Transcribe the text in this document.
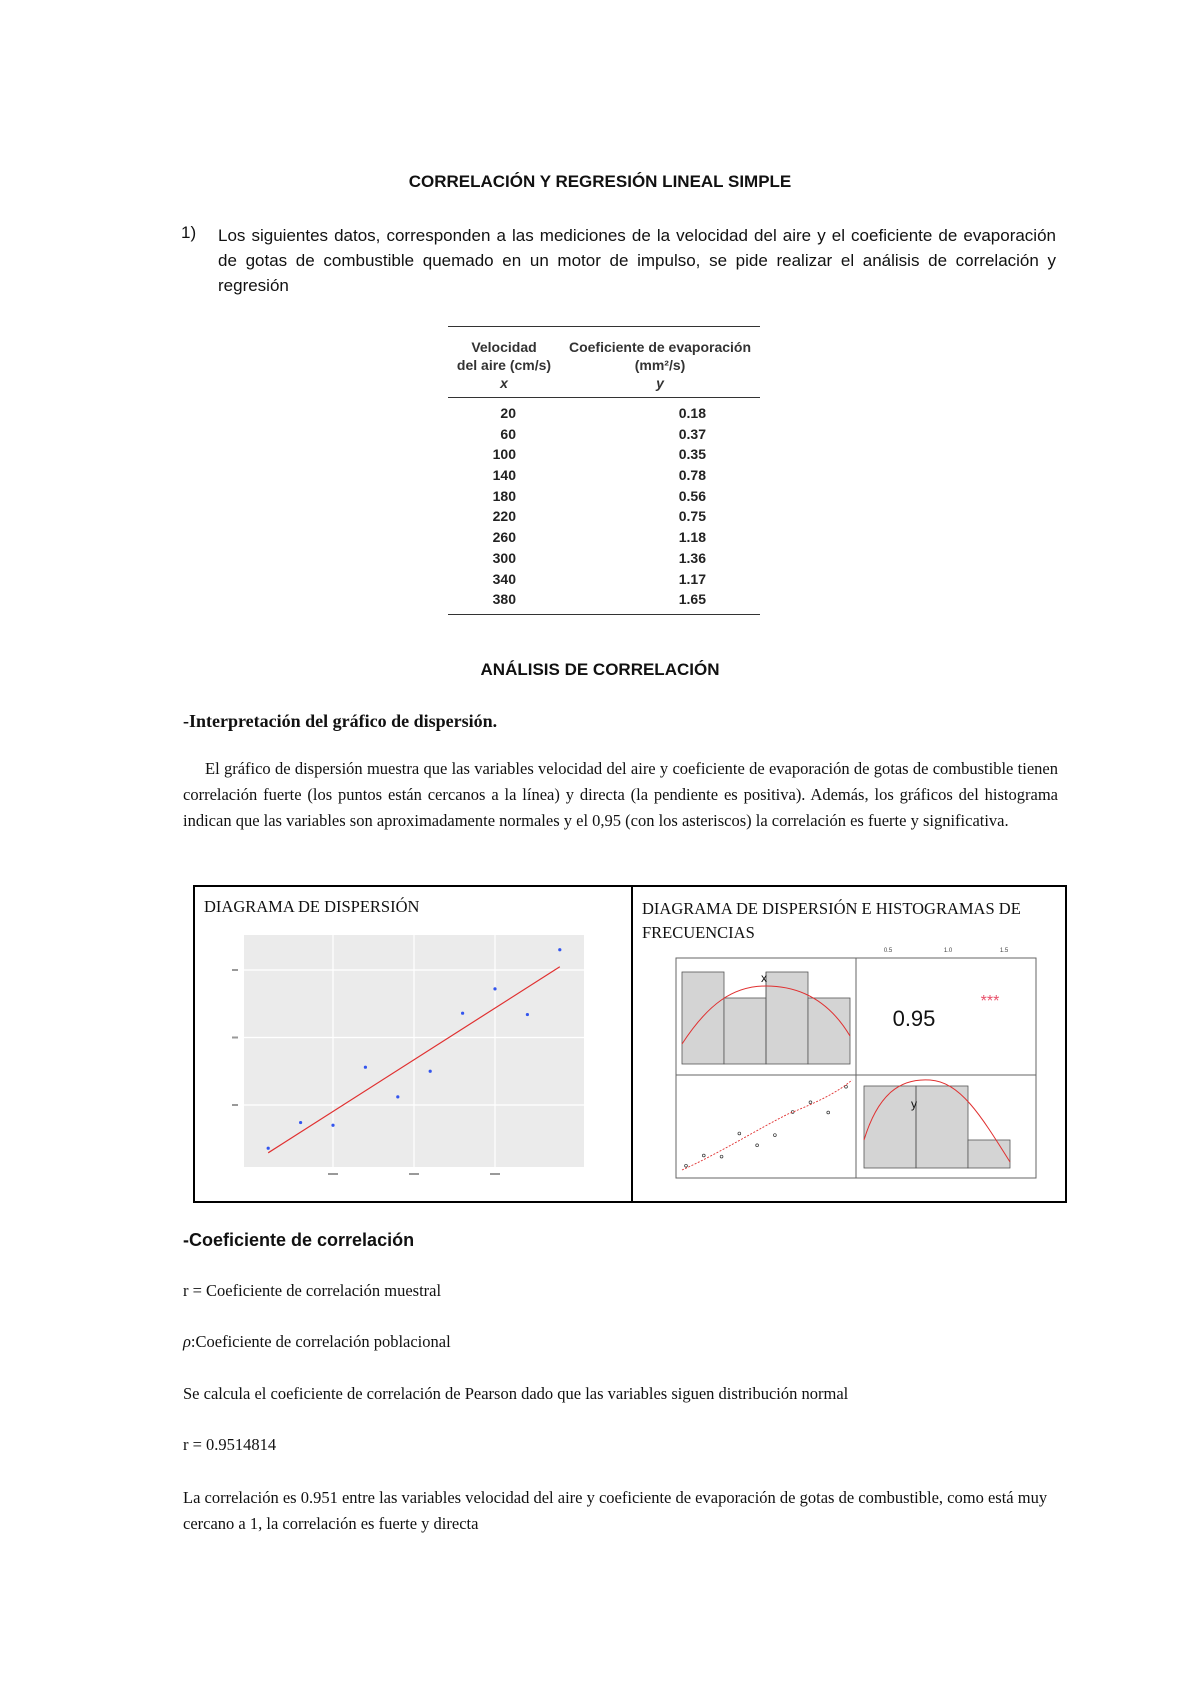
CORRELACIÓN Y REGRESIÓN LINEAL SIMPLE
1) Los siguientes datos, corresponden a las mediciones de la velocidad del aire y el coeficiente de evaporación de gotas de combustible quemado en un motor de impulso, se pide realizar el análisis de correlación y regresión
Velocidad	Coeficiente de evaporación
del aire (cm/s)	(mm²/s)
x	y
20	0.18
60	0.37
100	0.35
140	0.78
180	0.56
220	0.75
260	1.18
300	1.36
340	1.17
380	1.65
ANÁLISIS DE CORRELACIÓN
-Interpretación del gráfico de dispersión.
El gráfico de dispersión muestra que las variables velocidad del aire y coeficiente de evaporación de gotas de combustible tienen correlación fuerte (los puntos están cercanos a la línea) y directa (la pendiente es positiva). Además, los gráficos del histograma indican que las variables son aproximadamente normales y el 0,95 (con los asteriscos) la correlación es fuerte y significativa.
DIAGRAMA DE DISPERSIÓN	DIAGRAMA DE DISPERSIÓN E HISTOGRAMAS DE FRECUENCIAS
0.5	1.0	1.5
x
0.95
***
y
-Coeficiente de correlación
r = Coeficiente de correlación muestral
ρ:Coeficiente de correlación poblacional
Se calcula el coeficiente de correlación de Pearson dado que las variables siguen distribución normal
r = 0.9514814
La correlación es 0.951 entre las variables velocidad del aire y coeficiente de evaporación de gotas de combustible, como está muy cercano a 1, la correlación es fuerte y directa
